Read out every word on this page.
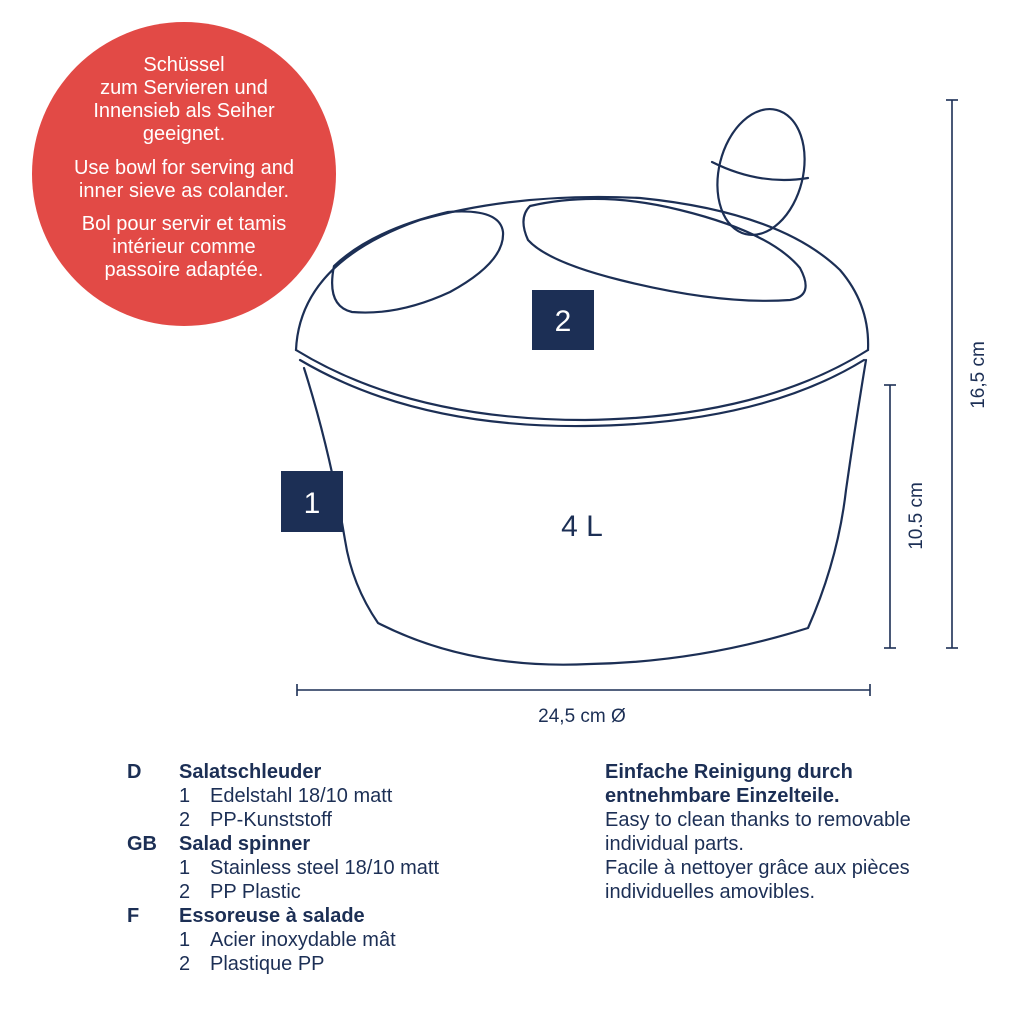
Schüssel
zum Servieren und
Innensieb als Seiher
geeignet.
Use bowl for serving and
inner sieve as colander.
Bol pour servir et tamis
intérieur comme
passoire adaptée.
2
1
4 L
16,5 cm
10.5 cm
24,5 cm Ø
D	Salatschleuder
1 Edelstahl 18/10 matt
2 PP-Kunststoff
GB	Salad spinner
1 Stainless steel 18/10 matt
2 PP Plastic
F	Essoreuse à salade
1 Acier inoxydable mât
2 Plastique PP
Einfache Reinigung durch
entnehmbare Einzelteile.
Easy to clean thanks to removable
individual parts.
Facile à nettoyer grâce aux pièces
individuelles amovibles.
